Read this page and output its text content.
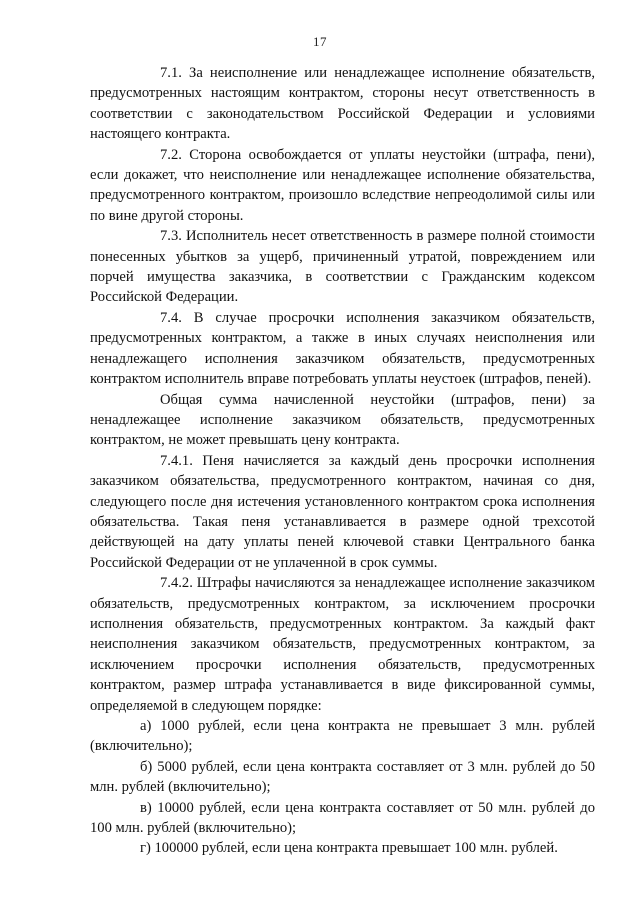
17

7.1. За неисполнение или ненадлежащее исполнение обязательств, предусмотренных настоящим контрактом, стороны несут ответственность в соответствии с законодательством Российской Федерации и условиями настоящего контракта.

7.2. Сторона освобождается от уплаты неустойки (штрафа, пени), если докажет, что неисполнение или ненадлежащее исполнение обязательства, предусмотренного контрактом, произошло вследствие непреодолимой силы или по вине другой стороны.

7.3. Исполнитель несет ответственность в размере полной стоимости понесенных убытков за ущерб, причиненный утратой, повреждением или порчей имущества заказчика, в соответствии с Гражданским кодексом Российской Федерации.

7.4. В случае просрочки исполнения заказчиком обязательств, предусмотренных контрактом, а также в иных случаях неисполнения или ненадлежащего исполнения заказчиком обязательств, предусмотренных контрактом исполнитель вправе потребовать уплаты неустоек (штрафов, пеней).

Общая сумма начисленной неустойки (штрафов, пени) за ненадлежащее исполнение заказчиком обязательств, предусмотренных контрактом, не может превышать цену контракта.

7.4.1. Пеня начисляется за каждый день просрочки исполнения заказчиком обязательства, предусмотренного контрактом, начиная со дня, следующего после дня истечения установленного контрактом срока исполнения обязательства. Такая пеня устанавливается в размере одной трехсотой действующей на дату уплаты пеней ключевой ставки Центрального банка Российской Федерации от не уплаченной в срок суммы.

7.4.2. Штрафы начисляются за ненадлежащее исполнение заказчиком обязательств, предусмотренных контрактом, за исключением просрочки исполнения обязательств, предусмотренных контрактом. За каждый факт неисполнения заказчиком обязательств, предусмотренных контрактом, за исключением просрочки исполнения обязательств, предусмотренных контрактом, размер штрафа устанавливается в виде фиксированной суммы, определяемой в следующем порядке:

а) 1000 рублей, если цена контракта не превышает 3 млн. рублей (включительно);

б) 5000 рублей, если цена контракта составляет от 3 млн. рублей до 50 млн. рублей (включительно);

в) 10000 рублей, если цена контракта составляет от 50 млн. рублей до 100 млн. рублей (включительно);

г) 100000 рублей, если цена контракта превышает 100 млн. рублей.
